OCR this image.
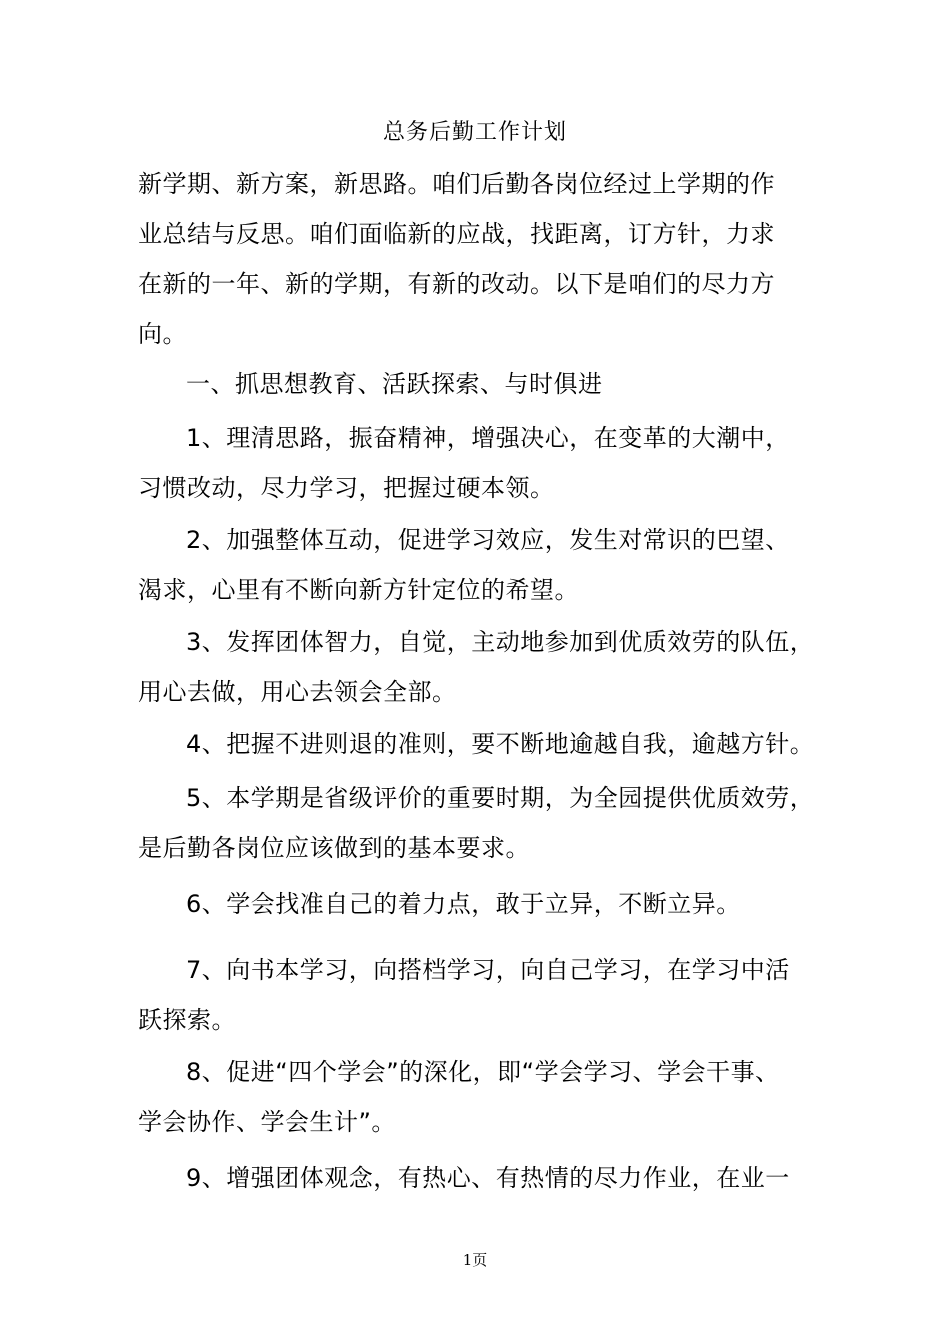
总务后勤工作计划
新学期、新方案，新思路。咱们后勤各岗位经过上学期的作
业总结与反思。咱们面临新的应战，找距离，订方针，力求
在新的一年、新的学期，有新的改动。以下是咱们的尽力方
向。
一、抓思想教育、活跃探索、与时俱进
1、理清思路，振奋精神，增强决心，在变革的大潮中，
习惯改动，尽力学习，把握过硬本领。
2、加强整体互动，促进学习效应，发生对常识的巴望、
渴求，心里有不断向新方针定位的希望。
3、发挥团体智力，自觉，主动地参加到优质效劳的队伍，
用心去做，用心去领会全部。
4、把握不进则退的准则，要不断地逾越自我，逾越方针。
5、本学期是省级评价的重要时期，为全园提供优质效劳，
是后勤各岗位应该做到的基本要求。
6、学会找准自己的着力点，敢于立异，不断立异。
7、向书本学习，向搭档学习，向自己学习，在学习中活
跃探索。
8、促进“四个学会”的深化，即“学会学习、学会干事、
学会协作、学会生计”。
9、增强团体观念，有热心、有热情的尽力作业，在业一
1页
